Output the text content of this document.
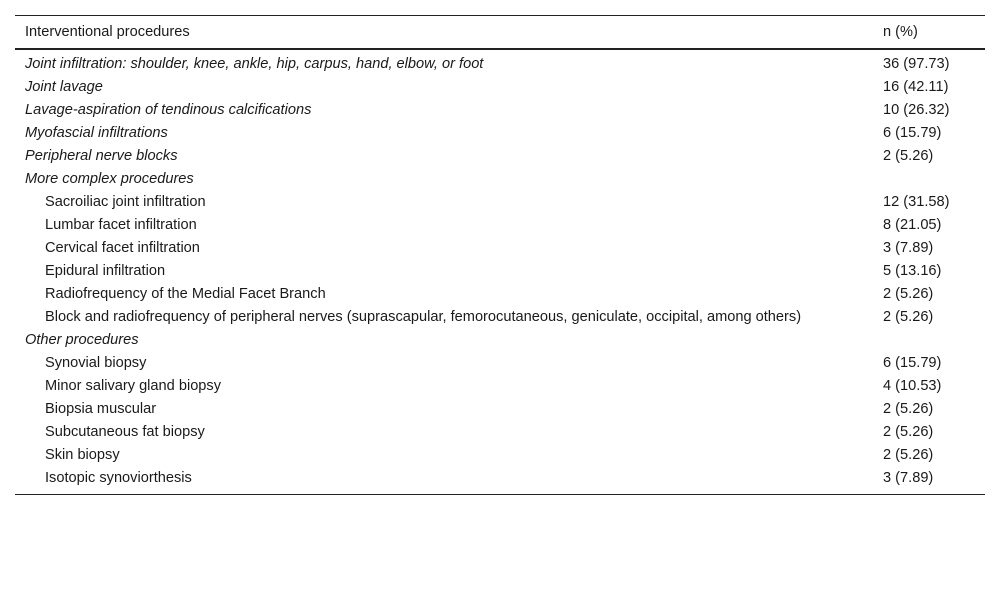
Interventional procedures	n (%)
Joint infiltration: shoulder, knee, ankle, hip, carpus, hand, elbow, or foot	36 (97.73)
Joint lavage	16 (42.11)
Lavage-aspiration of tendinous calcifications	10 (26.32)
Myofascial infiltrations	6 (15.79)
Peripheral nerve blocks	2 (5.26)
More complex procedures	
Sacroiliac joint infiltration	12 (31.58)
Lumbar facet infiltration	8 (21.05)
Cervical facet infiltration	3 (7.89)
Epidural infiltration	5 (13.16)
Radiofrequency of the Medial Facet Branch	2 (5.26)
Block and radiofrequency of peripheral nerves (suprascapular, femorocutaneous, geniculate, occipital, among others)	2 (5.26)
Other procedures	
Synovial biopsy	6 (15.79)
Minor salivary gland biopsy	4 (10.53)
Biopsia muscular	2 (5.26)
Subcutaneous fat biopsy	2 (5.26)
Skin biopsy	2 (5.26)
Isotopic synoviorthesis	3 (7.89)
